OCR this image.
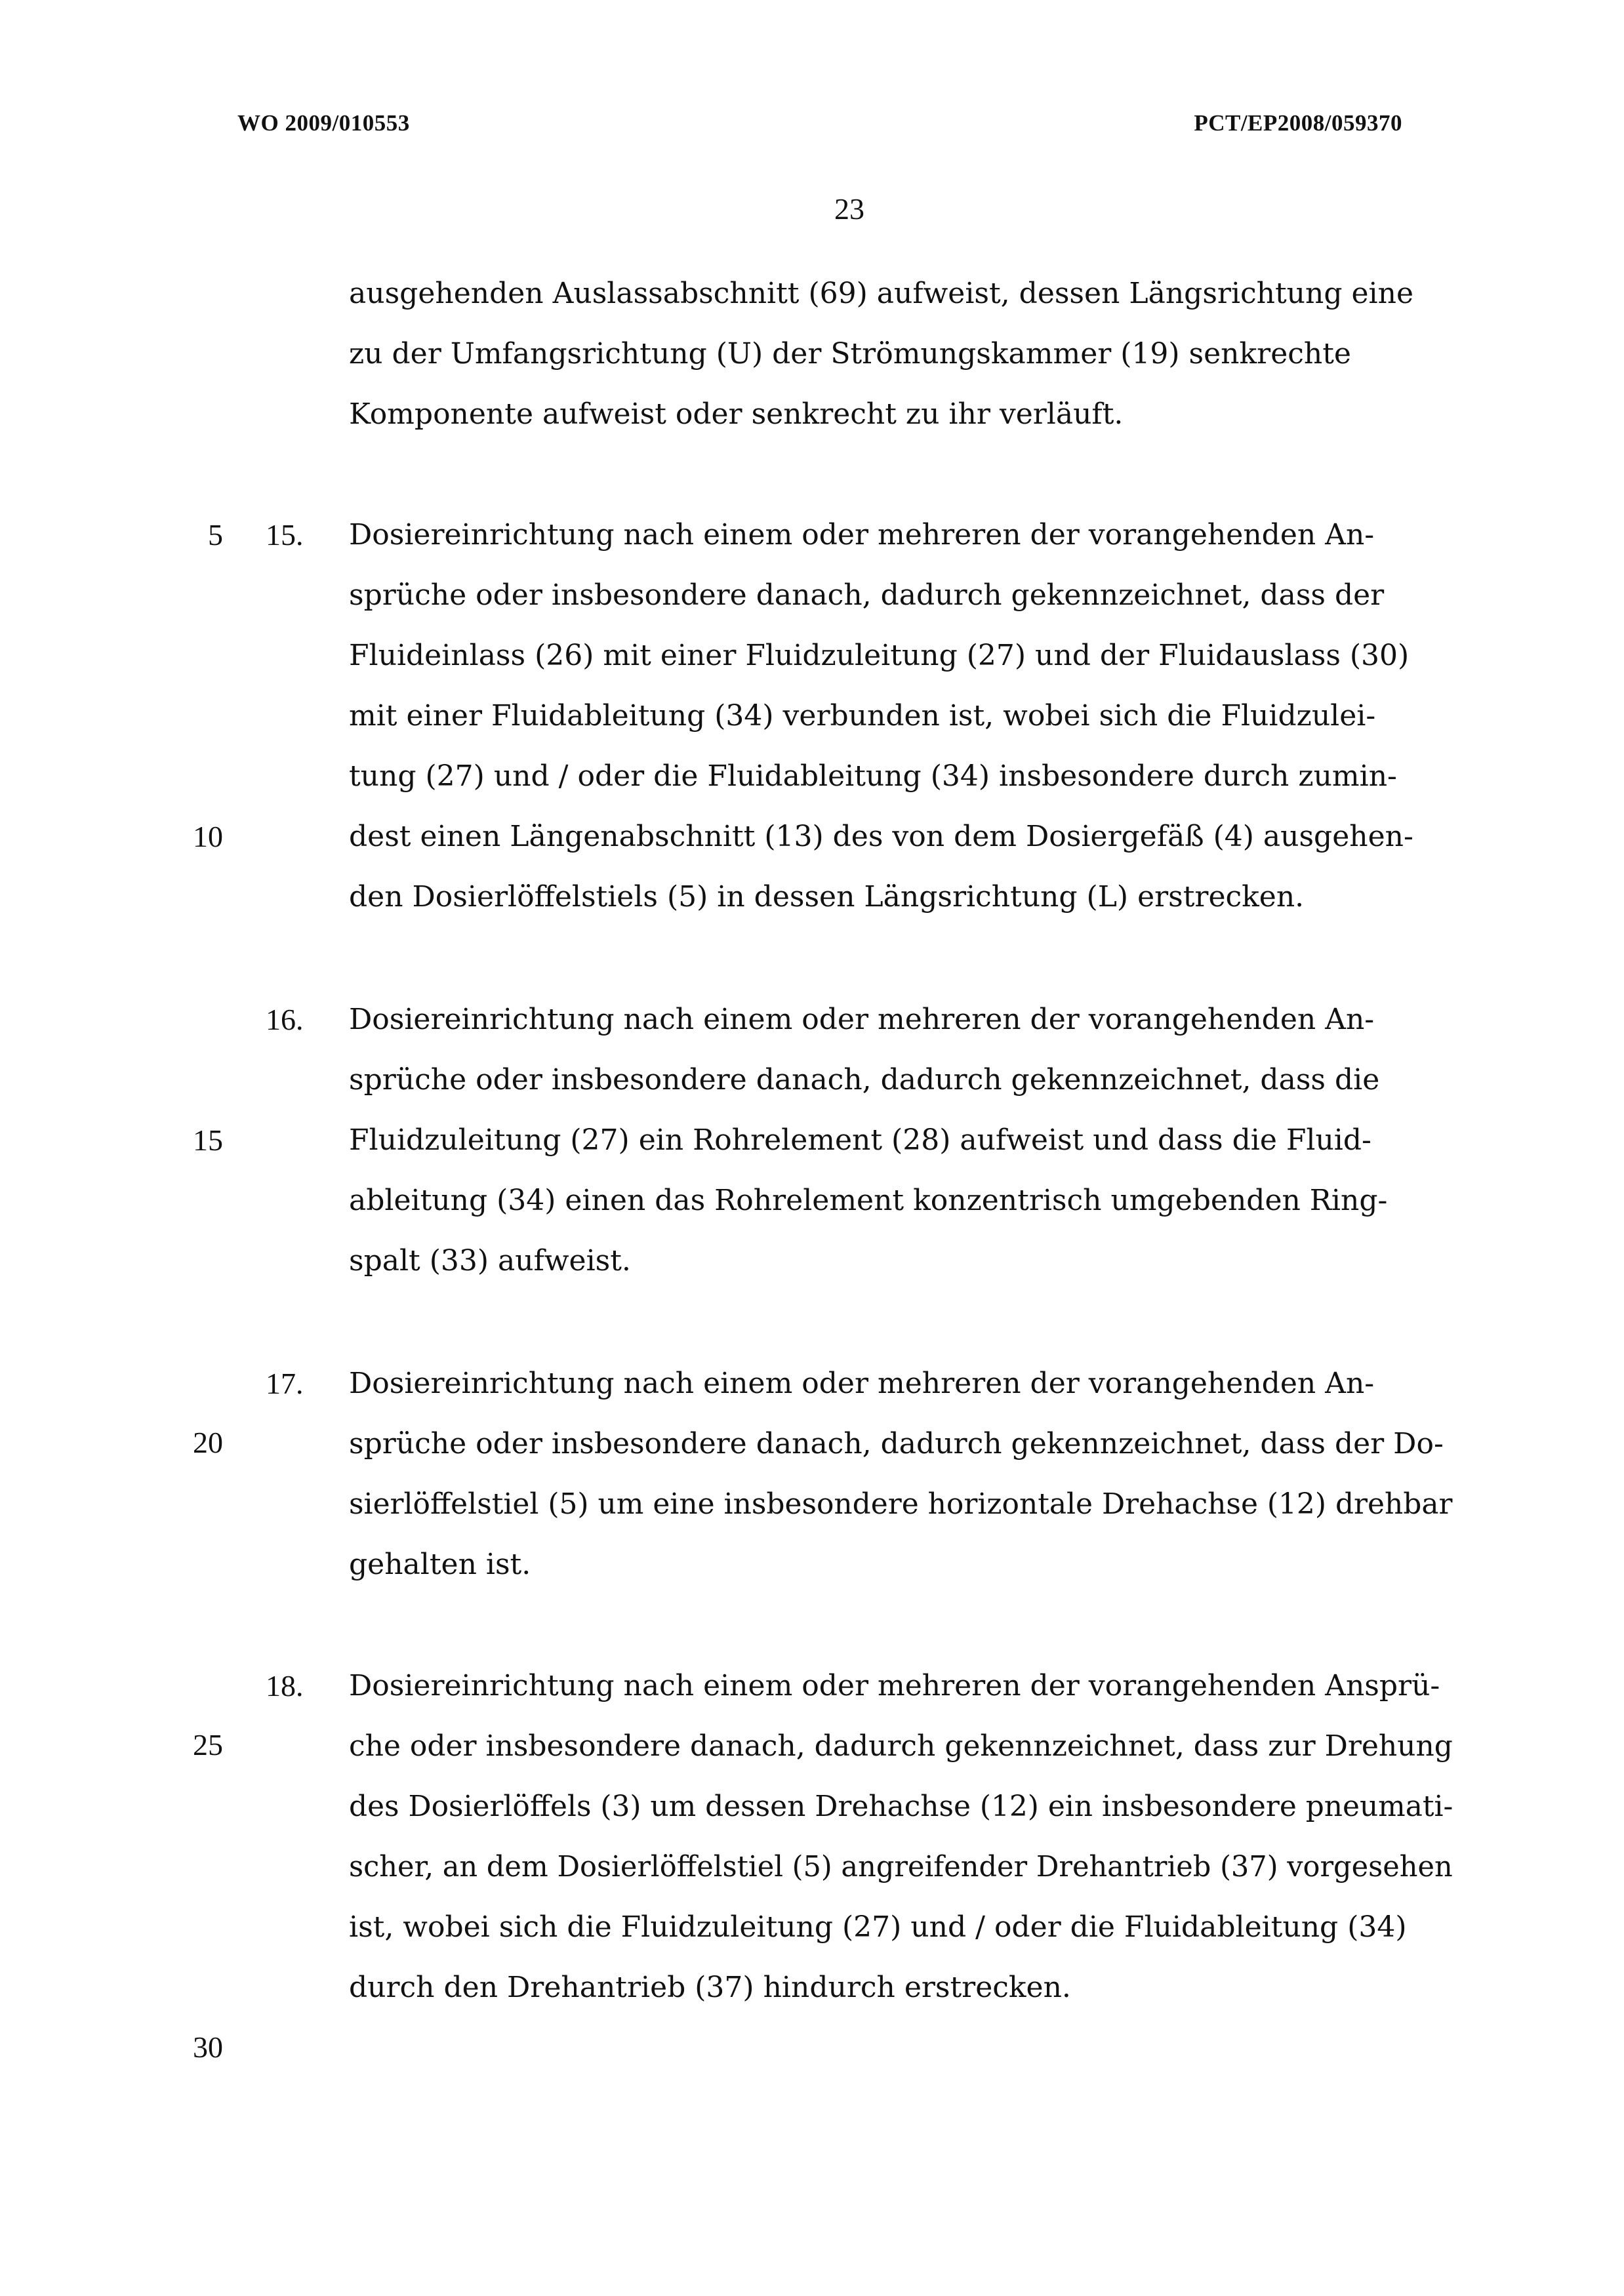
WO 2009/010553	PCT/EP2008/059370
23
5
10
15
20
25
30
ausgehenden Auslassabschnitt (69) aufweist, dessen Längsrichtung eine
zu der Umfangsrichtung (U) der Strömungskammer (19) senkrechte
Komponente aufweist oder senkrecht zu ihr verläuft.
15. Dosiereinrichtung nach einem oder mehreren der vorangehenden An-
sprüche oder insbesondere danach, dadurch gekennzeichnet, dass der
Fluideinlass (26) mit einer Fluidzuleitung (27) und der Fluidauslass (30)
mit einer Fluidableitung (34) verbunden ist, wobei sich die Fluidzulei-
tung (27) und / oder die Fluidableitung (34) insbesondere durch zumin-
dest einen Längenabschnitt (13) des von dem Dosiergefäß (4) ausgehen-
den Dosierlöffelstiels (5) in dessen Längsrichtung (L) erstrecken.
16. Dosiereinrichtung nach einem oder mehreren der vorangehenden An-
sprüche oder insbesondere danach, dadurch gekennzeichnet, dass die
Fluidzuleitung (27) ein Rohrelement (28) aufweist und dass die Fluid-
ableitung (34) einen das Rohrelement konzentrisch umgebenden Ring-
spalt (33) aufweist.
17. Dosiereinrichtung nach einem oder mehreren der vorangehenden An-
sprüche oder insbesondere danach, dadurch gekennzeichnet, dass der Do-
sierlöffelstiel (5) um eine insbesondere horizontale Drehachse (12) drehbar
gehalten ist.
18. Dosiereinrichtung nach einem oder mehreren der vorangehenden Ansprü-
che oder insbesondere danach, dadurch gekennzeichnet, dass zur Drehung
des Dosierlöffels (3) um dessen Drehachse (12) ein insbesondere pneumati-
scher, an dem Dosierlöffelstiel (5) angreifender Drehantrieb (37) vorgesehen
ist, wobei sich die Fluidzuleitung (27) und / oder die Fluidableitung (34)
durch den Drehantrieb (37) hindurch erstrecken.
